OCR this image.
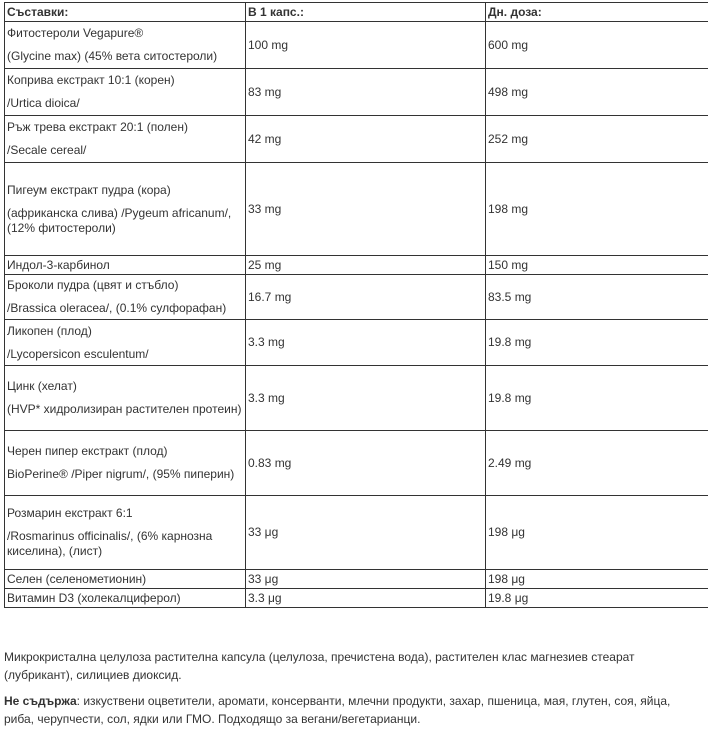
Съставки:	В 1 капс.:	Дн. доза:

Фитостероли Vegapure®

(Glycine max) (45% вета ситостероли)	100 mg	600 mg

Коприва екстракт 10:1 (корен)

/Urtica dioica/	83 mg	498 mg

Ръж трева екстракт 20:1 (полен)

/Secale cereal/	42 mg	252 mg

Пигеум екстракт пудра (кора)

(африканска слива) /Pygeum africanum/, (12% фитостероли)	33 mg	198 mg

Индол-3-карбинол	25 mg	150 mg

Броколи пудра (цвят и стъбло)

/Brassica oleracea/, (0.1% сулфорафан)	16.7 mg	83.5 mg

Ликопен (плод)

/Lycopersicon esculentum/	3.3 mg	19.8 mg

Цинк (хелат)

(HVP* хидролизиран растителен протеин)	3.3 mg	19.8 mg

Черен пипер екстракт (плод)

BioPerine® /Piper nigrum/, (95% пиперин)	0.83 mg	2.49 mg

Розмарин екстракт 6:1

/Rosmarinus officinalis/, (6% карнозна киселина), (лист)	33 μg	198 μg

Селен (селенометионин)	33 μg	198 μg

Витамин D3 (холекалциферол)	3.3 μg	19.8 μg

Микрокристална целулоза растителна капсула (целулоза, пречистена вода), растителен клас магнезиев стеарат (лубрикант), силициев диоксид.

Не съдържа: изкуствени оцветители, аромати, консерванти, млечни продукти, захар, пшеница, мая, глутен, соя, яйца, риба, черупчести, сол, ядки или ГМО. Подходящо за вегани/вегетарианци.
